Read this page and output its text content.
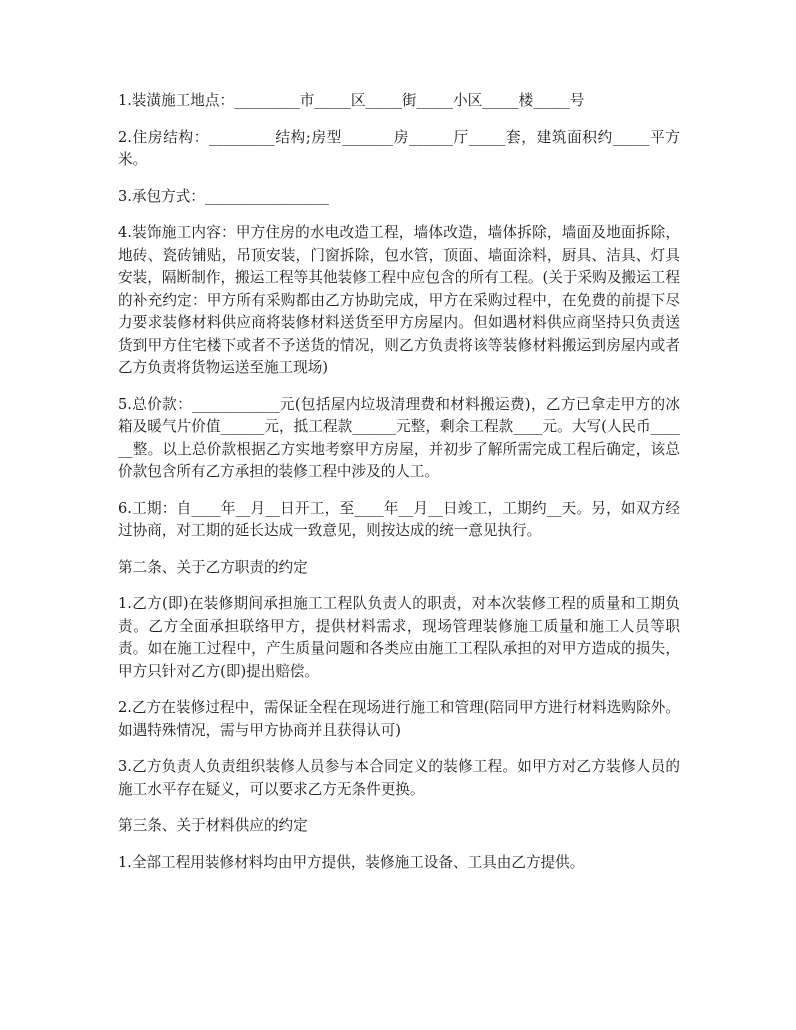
1.装潢施工地点：_________市_____区_____街_____小区_____楼_____号

2.住房结构：_________结构;房型_______房______厅_____套，建筑面积约_____平方米。

3.承包方式：_________________

4.装饰施工内容：甲方住房的水电改造工程，墙体改造，墙体拆除，墙面及地面拆除，地砖、瓷砖铺贴，吊顶安装，门窗拆除，包水管，顶面、墙面涂料，厨具、洁具、灯具安装，隔断制作，搬运工程等其他装修工程中应包含的所有工程。(关于采购及搬运工程的补充约定：甲方所有采购都由乙方协助完成，甲方在采购过程中，在免费的前提下尽力要求装修材料供应商将装修材料送货至甲方房屋内。但如遇材料供应商坚持只负责送货到甲方住宅楼下或者不予送货的情况，则乙方负责将该等装修材料搬运到房屋内或者乙方负责将货物运送至施工现场)

5.总价款：____________元(包括屋内垃圾清理费和材料搬运费)，乙方已拿走甲方的冰箱及暖气片价值______元，抵工程款______元整，剩余工程款____元。大写(人民币______整。以上总价款根据乙方实地考察甲方房屋，并初步了解所需完成工程后确定，该总价款包含所有乙方承担的装修工程中涉及的人工。

6.工期：自____年__月__日开工，至____年__月__日竣工，工期约__天。另，如双方经过协商，对工期的延长达成一致意见，则按达成的统一意见执行。

第二条、关于乙方职责的约定

1.乙方(即)在装修期间承担施工工程队负责人的职责，对本次装修工程的质量和工期负责。乙方全面承担联络甲方，提供材料需求，现场管理装修施工质量和施工人员等职责。如在施工过程中，产生质量问题和各类应由施工工程队承担的对甲方造成的损失，甲方只针对乙方(即)提出赔偿。

2.乙方在装修过程中，需保证全程在现场进行施工和管理(陪同甲方进行材料选购除外。如遇特殊情况，需与甲方协商并且获得认可)

3.乙方负责人负责组织装修人员参与本合同定义的装修工程。如甲方对乙方装修人员的施工水平存在疑义，可以要求乙方无条件更换。

第三条、关于材料供应的约定

1.全部工程用装修材料均由甲方提供，装修施工设备、工具由乙方提供。
